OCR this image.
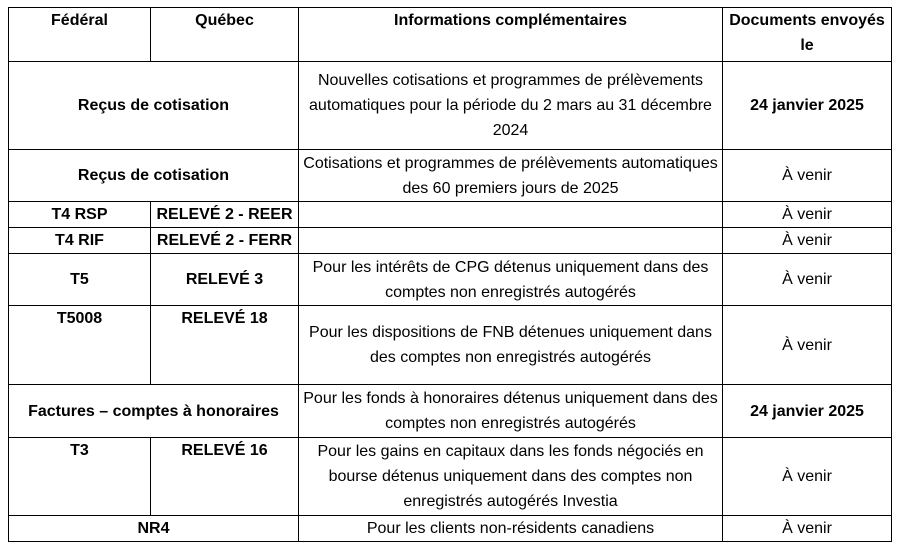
Fédéral	Québec	Informations complémentaires	Documents envoyés le
Reçus de cotisation		Nouvelles cotisations et programmes de prélèvements automatiques pour la période du 2 mars au 31 décembre 2024	24 janvier 2025
Reçus de cotisation		Cotisations et programmes de prélèvements automatiques des 60 premiers jours de 2025	À venir
T4 RSP	RELEVÉ 2 - REER		À venir
T4 RIF	RELEVÉ 2 - FERR		À venir
T5	RELEVÉ 3	Pour les intérêts de CPG détenus uniquement dans des comptes non enregistrés autogérés	À venir
T5008	RELEVÉ 18	Pour les dispositions de FNB détenues uniquement dans des comptes non enregistrés autogérés	À venir
Factures – comptes à honoraires		Pour les fonds à honoraires détenus uniquement dans des comptes non enregistrés autogérés	24 janvier 2025
T3	RELEVÉ 16	Pour les gains en capitaux dans les fonds négociés en bourse détenus uniquement dans des comptes non enregistrés autogérés Investia	À venir
NR4		Pour les clients non-résidents canadiens	À venir
